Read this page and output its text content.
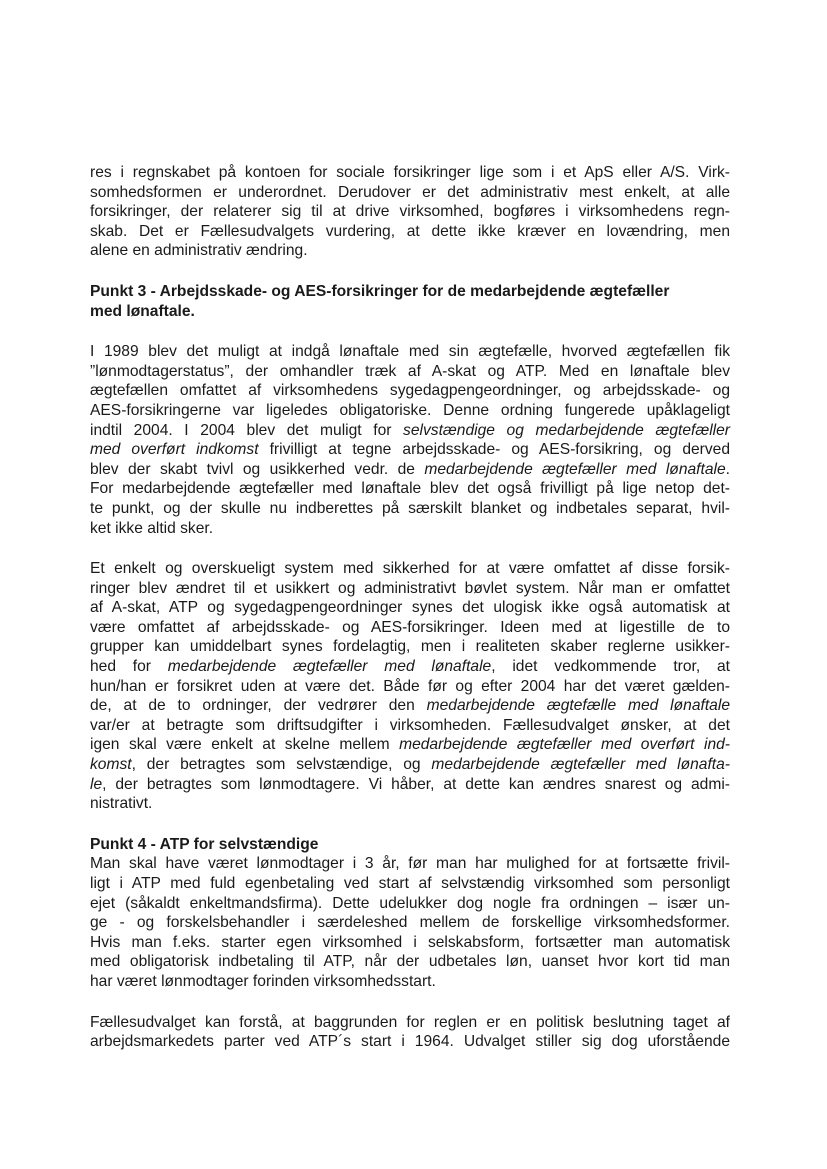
res i regnskabet på kontoen for sociale forsikringer lige som i et ApS eller A/S. Virk-
somhedsformen er underordnet. Derudover er det administrativ mest enkelt, at alle
forsikringer, der relaterer sig til at drive virksomhed, bogføres i virksomhedens regn-
skab. Det er Fællesudvalgets vurdering, at dette ikke kræver en lovændring, men
alene en administrativ ændring.
Punkt 3 - Arbejdsskade- og AES-forsikringer for de medarbejdende ægtefæller
med lønaftale.
I 1989 blev det muligt at indgå lønaftale med sin ægtefælle, hvorved ægtefællen fik
”lønmodtagerstatus”, der omhandler træk af A-skat og ATP. Med en lønaftale blev
ægtefællen omfattet af virksomhedens sygedagpengeordninger, og arbejdsskade- og
AES-forsikringerne var ligeledes obligatoriske. Denne ordning fungerede upåklageligt
indtil 2004. I 2004 blev det muligt for selvstændige og medarbejdende ægtefæller
med overført indkomst frivilligt at tegne arbejdsskade- og AES-forsikring, og derved
blev der skabt tvivl og usikkerhed vedr. de medarbejdende ægtefæller med lønaftale.
For medarbejdende ægtefæller med lønaftale blev det også frivilligt på lige netop det-
te punkt, og der skulle nu indberettes på særskilt blanket og indbetales separat, hvil-
ket ikke altid sker.
Et enkelt og overskueligt system med sikkerhed for at være omfattet af disse forsik-
ringer blev ændret til et usikkert og administrativt bøvlet system. Når man er omfattet
af A-skat, ATP og sygedagpengeordninger synes det ulogisk ikke også automatisk at
være omfattet af arbejdsskade- og AES-forsikringer. Ideen med at ligestille de to
grupper kan umiddelbart synes fordelagtig, men i realiteten skaber reglerne usikker-
hed for medarbejdende ægtefæller med lønaftale, idet vedkommende tror, at
hun/han er forsikret uden at være det. Både før og efter 2004 har det været gælden-
de, at de to ordninger, der vedrører den medarbejdende ægtefælle med lønaftale
var/er at betragte som driftsudgifter i virksomheden. Fællesudvalget ønsker, at det
igen skal være enkelt at skelne mellem medarbejdende ægtefæller med overført ind-
komst, der betragtes som selvstændige, og medarbejdende ægtefæller med lønafta-
le, der betragtes som lønmodtagere. Vi håber, at dette kan ændres snarest og admi-
nistrativt.
Punkt 4 - ATP for selvstændige
Man skal have været lønmodtager i 3 år, før man har mulighed for at fortsætte frivil-
ligt i ATP med fuld egenbetaling ved start af selvstændig virksomhed som personligt
ejet (såkaldt enkeltmandsfirma). Dette udelukker dog nogle fra ordningen – især un-
ge - og forskelsbehandler i særdeleshed mellem de forskellige virksomhedsformer.
Hvis man f.eks. starter egen virksomhed i selskabsform, fortsætter man automatisk
med obligatorisk indbetaling til ATP, når der udbetales løn, uanset hvor kort tid man
har været lønmodtager forinden virksomhedsstart.
Fællesudvalget kan forstå, at baggrunden for reglen er en politisk beslutning taget af
arbejdsmarkedets parter ved ATP´s start i 1964. Udvalget stiller sig dog uforstående
